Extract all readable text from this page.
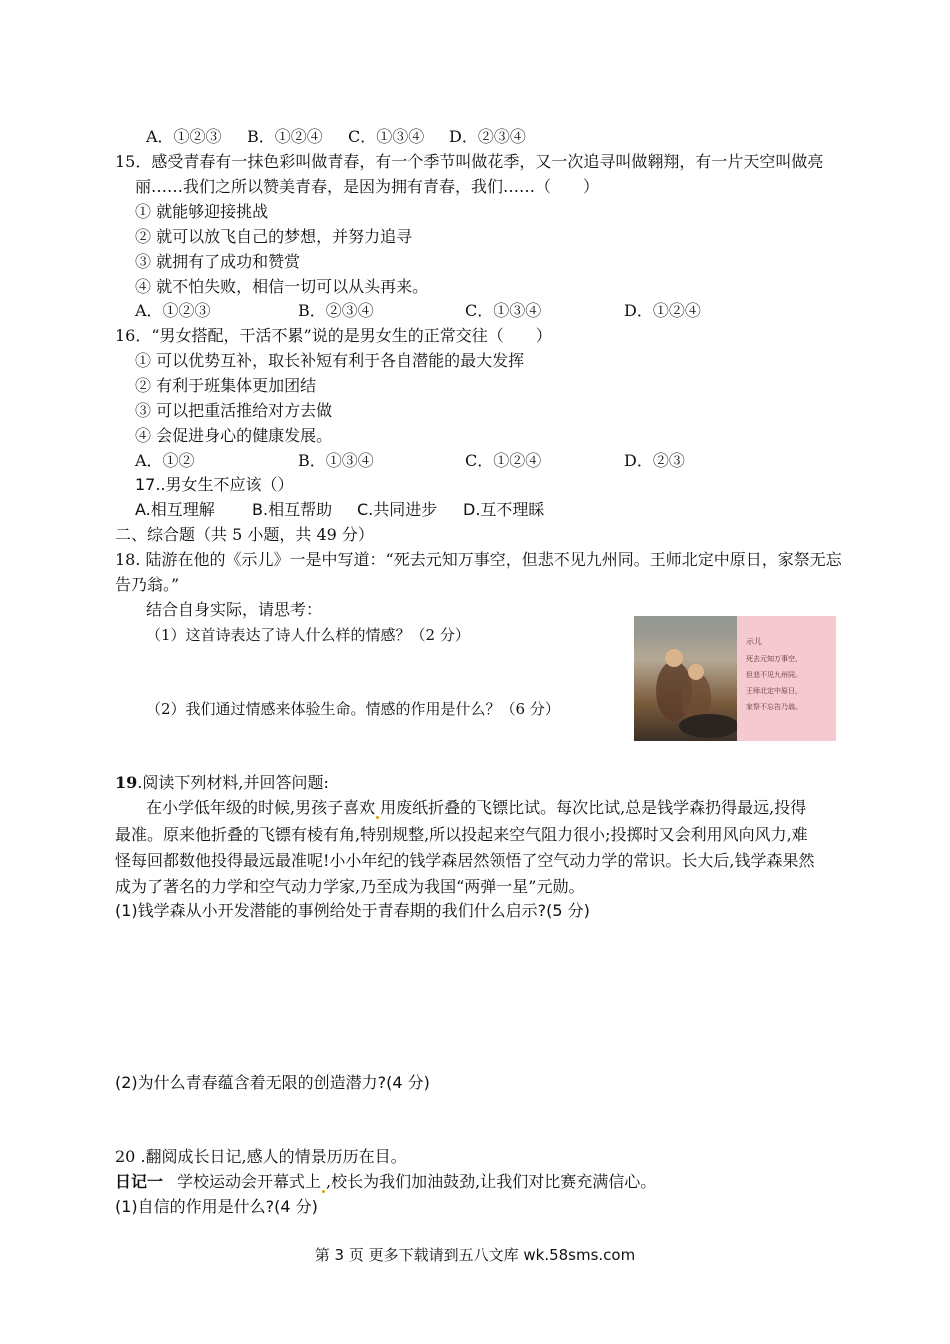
A．①②③ B．①②④ C．①③④ D．②③④
15．感受青春有一抹色彩叫做青春，有一个季节叫做花季，又一次追寻叫做翱翔，有一片天空叫做亮
丽……我们之所以赞美青春，是因为拥有青春，我们……（　　）
① 就能够迎接挑战
② 就可以放飞自己的梦想，并努力追寻
③ 就拥有了成功和赞赏
④ 就不怕失败，相信一切可以从头再来。
A．①②③	B．②③④	C．①③④	D．①②④
16．“男女搭配，干活不累”说的是男女生的正常交往（　　）
① 可以优势互补，取长补短有利于各自潜能的最大发挥
② 有利于班集体更加团结
③ 可以把重活推给对方去做
④ 会促进身心的健康发展。
A．①②	B．①③④	C．①②④	D．②③
17..男女生不应该（）
A.相互理解 B.相互帮助 C.共同进步 D.互不理睬
二、综合题（共 5 小题，共 49 分）
18. 陆游在他的《示儿》一是中写道：“死去元知万事空，但悲不见九州同。王师北定中原日，家祭无忘
告乃翁。”
结合自身实际，请思考：
（1）这首诗表达了诗人什么样的情感？（2 分）
（2）我们通过情感来体验生命。情感的作用是什么？（6 分）
示儿
死去元知万事空，
但悲不见九州同。
王师北定中原日，
家祭不忘告乃翁。
19.阅读下列材料,并回答问题:
在小学低年级的时候,男孩子喜欢 用废纸折叠的飞镖比试。每次比试,总是钱学森扔得最远,投得
最准。原来他折叠的飞镖有棱有角,特别规整,所以投起来空气阻力很小;投掷时又会利用风向风力,难
怪每回都数他投得最远最准呢!小小年纪的钱学森居然领悟了空气动力学的常识。长大后,钱学森果然
成为了著名的力学和空气动力学家,乃至成为我国“两弹一星”元勋。
(1)钱学森从小开发潜能的事例给处于青春期的我们什么启示?(5 分)
(2)为什么青春蕴含着无限的创造潜力?(4 分)
20 .翻阅成长日记,感人的情景历历在目。
日记一 学校运动会开幕式上 ,校长为我们加油鼓劲,让我们对比赛充满信心。
(1)自信的作用是什么?(4 分)
第 3 页 更多下载请到五八文库 wk.58sms.com
